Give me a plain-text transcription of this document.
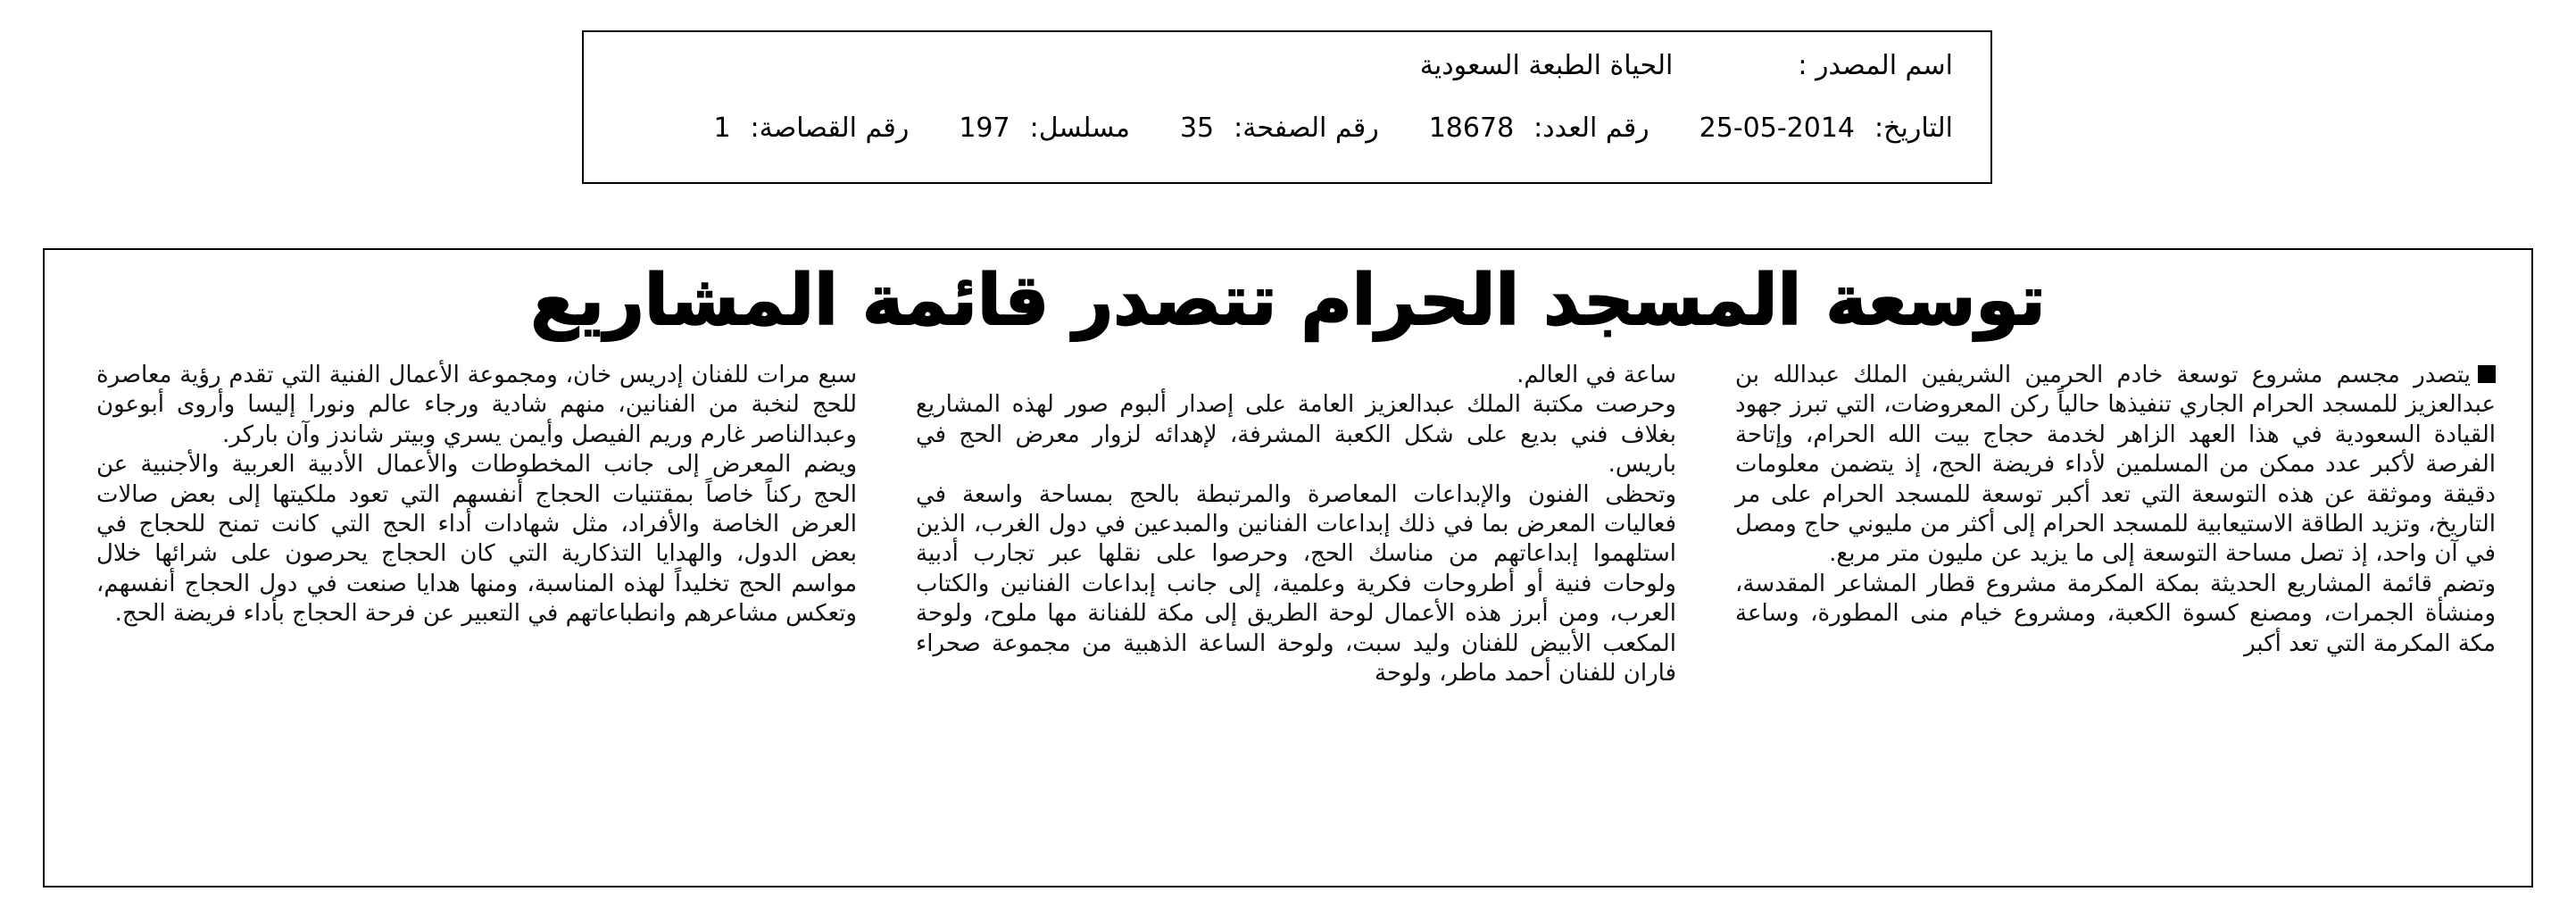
اسم المصدر :
الحياة الطبعة السعودية
التاريخ:
25-05-2014
رقم العدد:
18678
رقم الصفحة:
35
مسلسل:
197
رقم القصاصة:
1
توسعة المسجد الحرام تتصدر قائمة المشاريع

يتصدر مجسم مشروع توسعة خادم الحرمين الشريفين الملك عبدالله بن عبدالعزيز للمسجد الحرام الجاري تنفيذها حالياً ركن المعروضات، التي تبرز جهود القيادة السعودية في هذا العهد الزاهر لخدمة حجاج بيت الله الحرام، وإتاحة الفرصة لأكبر عدد ممكن من المسلمين لأداء فريضة الحج، إذ يتضمن معلومات دقيقة وموثقة عن هذه التوسعة التي تعد أكبر توسعة للمسجد الحرام على مر التاريخ، وتزيد الطاقة الاستيعابية للمسجد الحرام إلى أكثر من مليوني حاج ومصل في آن واحد، إذ تصل مساحة التوسعة إلى ما يزيد عن مليون متر مربع.

وتضم قائمة المشاريع الحديثة بمكة المكرمة مشروع قطار المشاعر المقدسة، ومنشأة الجمرات، ومصنع كسوة الكعبة، ومشروع خيام منى المطورة، وساعة مكة المكرمة التي تعد أكبر

ساعة في العالم.

وحرصت مكتبة الملك عبدالعزيز العامة على إصدار ألبوم صور لهذه المشاريع بغلاف فني بديع على شكل الكعبة المشرفة، لإهدائه لزوار معرض الحج في باريس.

وتحظى الفنون والإبداعات المعاصرة والمرتبطة بالحج بمساحة واسعة في فعاليات المعرض بما في ذلك إبداعات الفنانين والمبدعين في دول الغرب، الذين استلهموا إبداعاتهم من مناسك الحج، وحرصوا على نقلها عبر تجارب أدبية ولوحات فنية أو أطروحات فكرية وعلمية، إلى جانب إبداعات الفنانين والكتاب العرب، ومن أبرز هذه الأعمال لوحة الطريق إلى مكة للفنانة مها ملوح، ولوحة المكعب الأبيض للفنان وليد سبت، ولوحة الساعة الذهبية من مجموعة صحراء فاران للفنان أحمد ماطر، ولوحة

سبع مرات للفنان إدريس خان، ومجموعة الأعمال الفنية التي تقدم رؤية معاصرة للحج لنخبة من الفنانين، منهم شادية ورجاء عالم ونورا إليسا وأروى أبوعون وعبدالناصر غارم وريم الفيصل وأيمن يسري وبيتر شاندز وآن باركر.

ويضم المعرض إلى جانب المخطوطات والأعمال الأدبية العربية والأجنبية عن الحج ركناً خاصاً بمقتنيات الحجاج أنفسهم التي تعود ملكيتها إلى بعض صالات العرض الخاصة والأفراد، مثل شهادات أداء الحج التي كانت تمنح للحجاج في بعض الدول، والهدايا التذكارية التي كان الحجاج يحرصون على شرائها خلال مواسم الحج تخليداً لهذه المناسبة، ومنها هدايا صنعت في دول الحجاج أنفسهم، وتعكس مشاعرهم وانطباعاتهم في التعبير عن فرحة الحجاج بأداء فريضة الحج.
